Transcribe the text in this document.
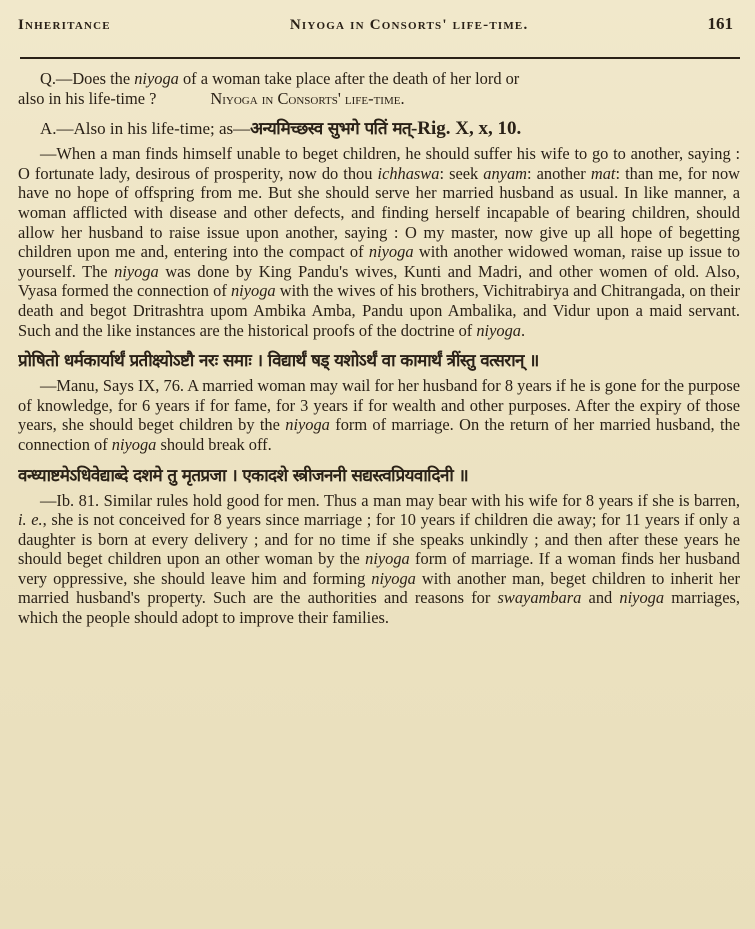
Inheritance	Niyoga in Consorts' life-time.	161

Q.—Does the niyoga of a woman take place after the death of her lord or

also in his life-time ?	Niyoga in Consorts' life-time.

A.—Also in his life-time; as—अन्यमिच्छस्व सुभगे पतिं मत्-Rig. X, x, 10.

—When a man finds himself unable to beget children, he should suffer his wife to go to another, saying : O fortunate lady, desirous of prosperity, now do thou ichhaswa: seek anyam: another mat: than me, for now have no hope of offspring from me. But she should serve her married husband as usual. In like manner, a woman afflicted with disease and other defects, and finding herself incapable of bearing children, should allow her husband to raise issue upon another, saying : O my master, now give up all hope of begetting children upon me and, entering into the compact of niyoga with another widowed woman, raise up issue to yourself. The niyoga was done by King Pandu's wives, Kunti and Madri, and other women of old. Also, Vyasa formed the connection of niyoga with the wives of his brothers, Vichitrabirya and Chitrangada, on their death and begot Dritrashtra upom Ambika Amba, Pandu upon Ambalika, and Vidur upon a maid servant. Such and the like instances are the historical proofs of the doctrine of niyoga.

प्रोषितो धर्मकार्यार्थं प्रतीक्ष्योऽष्टौ नरः समाः । विद्यार्थं षड् यशोऽर्थं वा कामार्थं त्रींस्तु वत्सरान् ॥

—Manu, Says IX, 76. A married woman may wail for her husband for 8 years if he is gone for the purpose of knowledge, for 6 years if for fame, for 3 years if for wealth and other purposes. After the expiry of those years, she should beget children by the niyoga form of marriage. On the return of her married husband, the connection of niyoga should break off.

वन्ध्याष्टमेऽधिवेद्याब्दे दशमे तु मृतप्रजा । एकादशे स्त्रीजननी सद्यस्त्वप्रियवादिनी ॥

—Ib. 81. Similar rules hold good for men. Thus a man may bear with his wife for 8 years if she is barren, i. e., she is not conceived for 8 years since marriage ; for 10 years if children die away; for 11 years if only a daughter is born at every delivery ; and for no time if she speaks unkindly ; and then after these years he should beget children upon an other woman by the niyoga form of marriage. If a woman finds her husband very oppressive, she should leave him and forming niyoga with another man, beget children to inherit her married husband's property. Such are the authorities and reasons for swayambara and niyoga marriages, which the people should adopt to improve their families.
